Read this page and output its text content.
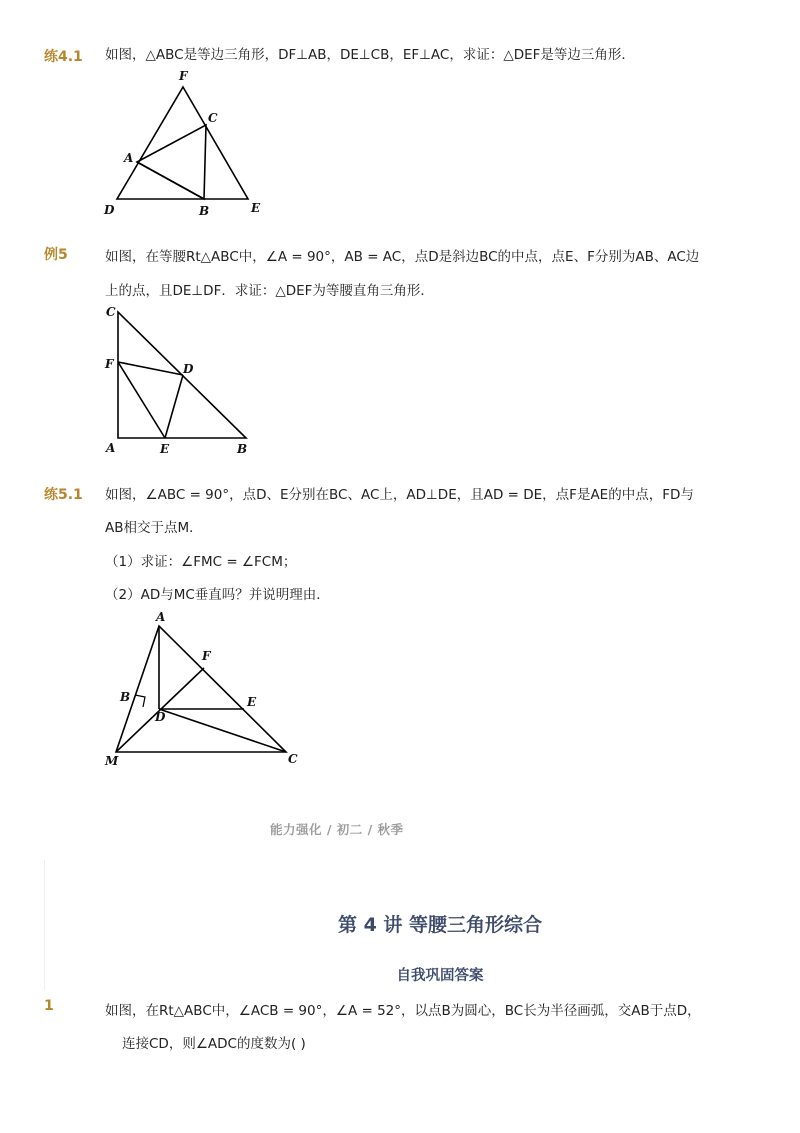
练4.1 如图，△ABC是等边三角形，DF⊥AB，DE⊥CB，EF⊥AC，求证：△DEF是等边三角形．
F
C
A
D	B	E
例5	如图，在等腰Rt△ABC中，∠A = 90°，AB = AC，点D是斜边BC的中点，点E、F分别为AB、AC边
上的点，且DE⊥DF．求证：△DEF为等腰直角三角形．
C
F	D
A	E	B
练5.1 如图，∠ABC = 90°，点D、E分别在BC、AC上，AD⊥DE，且AD = DE，点F是AE的中点，FD与
AB相交于点M．
（1）求证：∠FMC = ∠FCM；
（2）AD与MC垂直吗？并说明理由．
A
F
B	E
D
M	C
能力强化 / 初二 / 秋季
第 4 讲 等腰三角形综合
自我巩固答案
1	如图，在Rt△ABC中，∠ACB = 90°，∠A = 52°，以点B为圆心，BC长为半径画弧，交AB于点D，
连接CD，则∠ADC的度数为( )
